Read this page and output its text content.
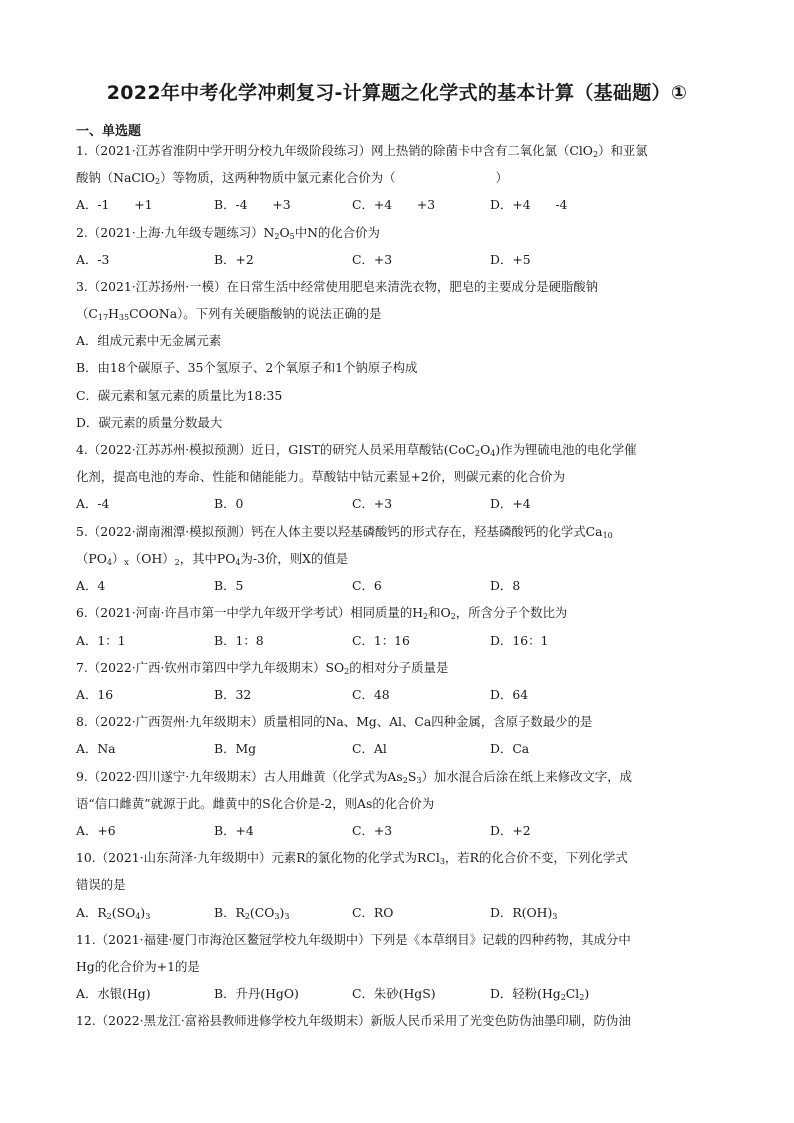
2022年中考化学冲刺复习-计算题之化学式的基本计算（基础题）①
一、单选题
1.（2021·江苏省淮阴中学开明分校九年级阶段练习）网上热销的除菌卡中含有二氧化氯（ClO$_2$）和亚氯
酸钠（NaClO$_2$）等物质，这两种物质中氯元素化合价为（	）
A．-1　　+1	B．-4　　+3	C．+4　　+3	D．+4　　-4
2.（2021·上海·九年级专题练习）$N_2O_5$中N的化合价为
A．-3	B．+2	C．+3	D．+5
3.（2021·江苏扬州·一模）在日常生活中经常使用肥皂来清洗衣物，肥皂的主要成分是硬脂酸钠
$(C_{17}H_{35}COONa)$。下列有关硬脂酸钠的说法正确的是
A．组成元素中无金属元素
B．由18个碳原子、35个氢原子、2个氧原子和1个钠原子构成
C．碳元素和氢元素的质量比为18:35
D．碳元素的质量分数最大
4.（2022·江苏苏州·模拟预测）近日，GIST的研究人员采用草酸钴$(CoC_2O_4)$作为锂硫电池的电化学催
化剂，提高电池的寿命、性能和储能能力。草酸钴中钴元素显+2价，则碳元素的化合价为
A．-4	B．0	C．+3	D．+4
5.（2022·湖南湘潭·模拟预测）钙在人体主要以羟基磷酸钙的形式存在，羟基磷酸钙的化学式$Ca_{10}$
$(PO_4)_x(OH)_2$，其中$PO_4$为-3价，则X的值是
A．4	B．5	C．6	D．8
6.（2021·河南·许昌市第一中学九年级开学考试）相同质量的$H_2$和$O_2$，所含分子个数比为
A．1：1	B．1：8	C．1：16	D．16：1
7.（2022·广西·钦州市第四中学九年级期末）$SO_2$的相对分子质量是
A．16	B．32	C．48	D．64
8.（2022·广西贺州·九年级期末）质量相同的Na、Mg、Al、Ca四种金属，含原子数最少的是
A．Na	B．Mg	C．Al	D．Ca
9.（2022·四川遂宁·九年级期末）古人用雌黄（化学式为$As_2S_3$）加水混合后涂在纸上来修改文字，成
语“信口雌黄”就源于此。雌黄中的S化合价是-2，则As的化合价为
A．+6	B．+4	C．+3	D．+2
10.（2021·山东菏泽·九年级期中）元素R的氯化物的化学式为RCl$_3$，若R的化合价不变，下列化学式
错误的是
A．$R_2(SO_4)_3$	B．$R_2(CO_3)_3$	C．RO	D．$R(OH)_3$
11.（2021·福建·厦门市海沧区鳌冠学校九年级期中）下列是《本草纲目》记载的四种药物，其成分中
Hg的化合价为+1的是
A．水银(Hg)	B．升丹(HgO)	C．朱砂(HgS)	D．轻粉$(Hg_2Cl_2)$
12.（2022·黑龙江·富裕县教师进修学校九年级期末）新版人民币采用了光变色防伪油墨印刷，防伪油
